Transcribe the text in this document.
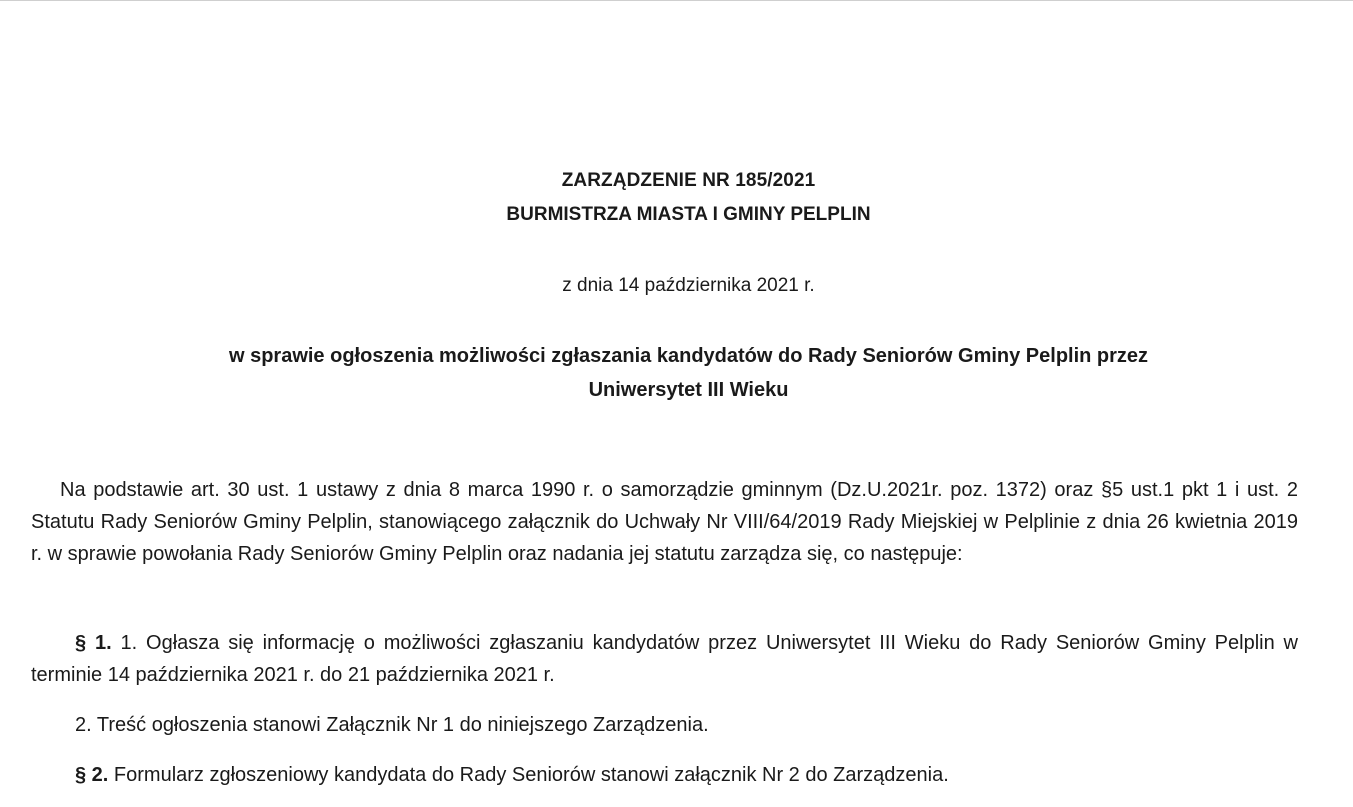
ZARZĄDZENIE NR 185/2021
BURMISTRZA MIASTA I GMINY PELPLIN
z dnia 14 października 2021 r.
w sprawie ogłoszenia możliwości zgłaszania kandydatów do Rady Seniorów Gminy Pelplin przez
Uniwersytet III Wieku
Na podstawie art. 30 ust. 1 ustawy z dnia 8 marca 1990 r. o samorządzie gminnym (Dz.U.2021r. poz. 1372) oraz §5 ust.1 pkt 1 i ust. 2 Statutu Rady Seniorów Gminy Pelplin, stanowiącego załącznik do Uchwały Nr VIII/64/2019 Rady Miejskiej w Pelplinie z dnia 26 kwietnia 2019 r. w sprawie powołania Rady Seniorów Gminy Pelplin oraz nadania jej statutu zarządza się, co następuje:
§ 1. 1. Ogłasza się informację o możliwości zgłaszaniu kandydatów przez Uniwersytet III Wieku do Rady Seniorów Gminy Pelplin w terminie 14 października 2021 r. do 21 października 2021 r.
2. Treść ogłoszenia stanowi Załącznik Nr 1 do niniejszego Zarządzenia.
§ 2. Formularz zgłoszeniowy kandydata do Rady Seniorów stanowi załącznik Nr 2 do Zarządzenia.
